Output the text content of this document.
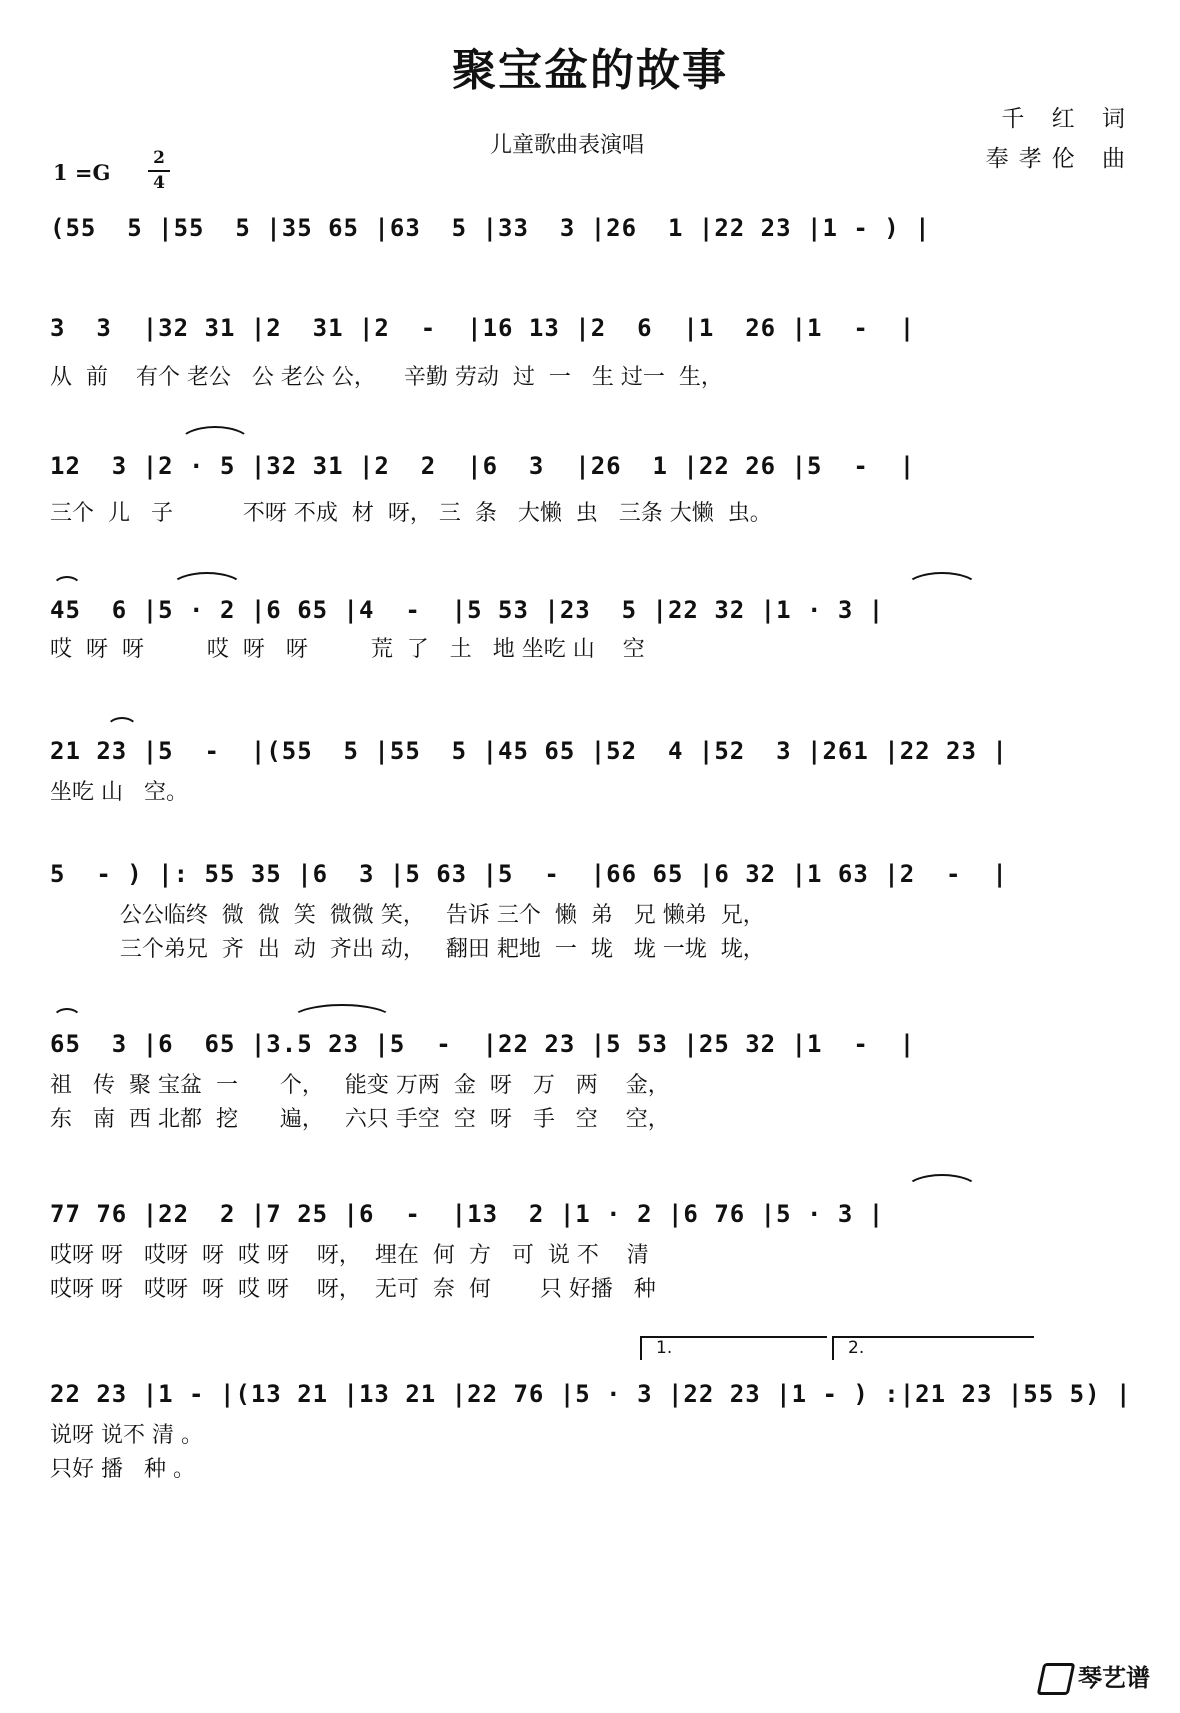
聚宝盆的故事
儿童歌曲表演唱
千 红 词
奉孝伦 曲
1 =G
2
4
(55  5 |55  5 |35 65 |63  5 |33  3 |26  1 |22 23 |1 - ) |
3  3  |32 31 |2  31 |2  -  |16 13 |2  6  |1  26 |1  -  |
从  前    有个 老公   公 老公 公，    辛勤 劳动  过  一   生 过一  生，
12  3 |2 · 5 |32 31 |2  2  |6  3  |26  1 |22 26 |5  -  |
三个  儿   子          不呀 不成  材  呀， 三  条   大懒  虫   三条 大懒  虫。
45  6 |5 · 2 |6 65 |4  -  |5 53 |23  5 |22 32 |1 · 3 |
哎  呀  呀         哎  呀   呀         荒  了   土   地 坐吃 山    空
21 23 |5  -  |(55  5 |55  5 |45 65 |52  4 |52  3 |261 |22 23 |
坐吃 山   空。
5  - ) |: 55 35 |6  3 |5 63 |5  -  |66 65 |6 32 |1 63 |2  -  |
公公临终  微  微  笑  微微 笑，   告诉 三个  懒  弟   兄 懒弟  兄，
三个弟兄  齐  出  动  齐出 动，   翻田 耙地  一  垅   垅 一垅  垅，
65  3 |6  65 |3.5 23 |5  -  |22 23 |5 53 |25 32 |1  -  |
祖   传  聚 宝盆  一      个，   能变 万两  金  呀   万   两    金，
东   南  西 北都  挖      遍，   六只 手空  空  呀   手   空    空，
77 76 |22  2 |7 25 |6  -  |13  2 |1 · 2 |6 76 |5 · 3 |
哎呀 呀   哎呀  呀  哎 呀    呀，  埋在  何  方   可  说 不    清
哎呀 呀   哎呀  呀  哎 呀    呀，  无可  奈  何       只 好播   种
1.	2.
22 23 |1 - |(13 21 |13 21 |22 76 |5 · 3 |22 23 |1 - ) :|21 23 |55 5) |
说呀 说不 清 。
只好 播   种 。
琴艺谱
